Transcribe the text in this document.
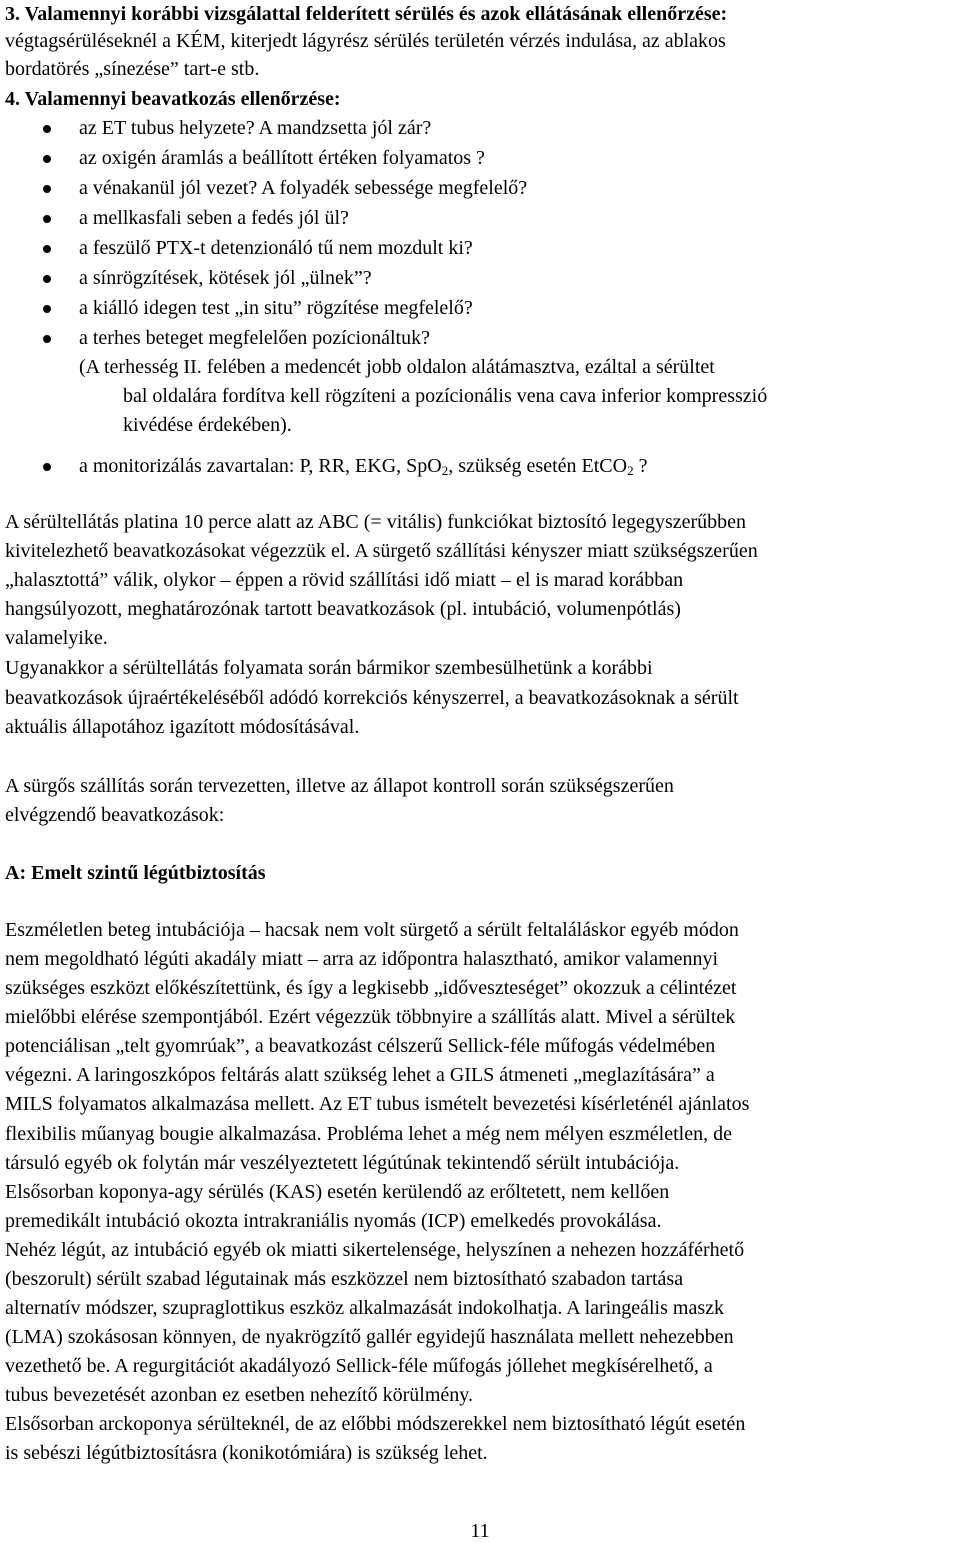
3. Valamennyi korábbi vizsgálattal felderített sérülés és azok ellátásának ellenőrzése:
végtagsérüléseknél a KÉM, kiterjedt lágyrész sérülés területén vérzés indulása, az ablakos
bordatörés „sínezése” tart-e stb.
4. Valamennyi beavatkozás ellenőrzése:
az ET tubus helyzete? A mandzsetta jól zár?
az oxigén áramlás a beállított értéken folyamatos ?
a vénakanül jól vezet? A folyadék sebessége megfelelő?
a mellkasfali seben a fedés jól ül?
a feszülő PTX-t detenzionáló tű nem mozdult ki?
a sínrögzítések, kötések jól „ülnek”?
a kiálló idegen test „in situ” rögzítése megfelelő?
a terhes beteget megfelelően pozícionáltuk?
(A terhesség II. felében a medencét jobb oldalon alátámasztva, ezáltal a sérültet
bal oldalára fordítva kell rögzíteni a pozícionális vena cava inferior kompresszió
kivédése érdekében).
a monitorizálás zavartalan: P, RR, EKG, SpO$_2$, szükség esetén EtCO$_2$ ?
A sérültellátás platina 10 perce alatt az ABC (= vitális) funkciókat biztosító legegyszerűbben
kivitelezhető beavatkozásokat végezzük el. A sürgető szállítási kényszer miatt szükségszerűen
„halasztottá” válik, olykor – éppen a rövid szállítási idő miatt – el is marad korábban
hangsúlyozott, meghatározónak tartott beavatkozások (pl. intubáció, volumenpótlás)
valamelyike.
Ugyanakkor a sérültellátás folyamata során bármikor szembesülhetünk a korábbi
beavatkozások újraértékeléséből adódó korrekciós kényszerrel, a beavatkozásoknak a sérült
aktuális állapotához igazított módosításával.
A sürgős szállítás során tervezetten, illetve az állapot kontroll során szükségszerűen
elvégzendő beavatkozások:
A: Emelt szintű légútbiztosítás
Eszméletlen beteg intubációja – hacsak nem volt sürgető a sérült feltaláláskor egyéb módon
nem megoldható légúti akadály miatt – arra az időpontra halasztható, amikor valamennyi
szükséges eszközt előkészítettünk, és így a legkisebb „időveszteséget” okozzuk a célintézet
mielőbbi elérése szempontjából. Ezért végezzük többnyire a szállítás alatt. Mivel a sérültek
potenciálisan „telt gyomrúak”, a beavatkozást célszerű Sellick-féle műfogás védelmében
végezni. A laringoszkópos feltárás alatt szükség lehet a GILS átmeneti „meglazítására” a
MILS folyamatos alkalmazása mellett. Az ET tubus ismételt bevezetési kísérleténél ajánlatos
flexibilis műanyag bougie alkalmazása. Probléma lehet a még nem mélyen eszméletlen, de
társuló egyéb ok folytán már veszélyeztetett légútúnak tekintendő sérült intubációja.
Elsősorban koponya-agy sérülés (KAS) esetén kerülendő az erőltetett, nem kellően
premedikált intubáció okozta intrakraniális nyomás (ICP) emelkedés provokálása.
Nehéz légút, az intubáció egyéb ok miatti sikertelensége, helyszínen a nehezen hozzáférhető
(beszorult) sérült szabad légutainak más eszközzel nem biztosítható szabadon tartása
alternatív módszer, szupraglottikus eszköz alkalmazását indokolhatja. A laringeális maszk
(LMA) szokásosan könnyen, de nyakrögzítő gallér egyidejű használata mellett nehezebben
vezethető be. A regurgitációt akadályozó Sellick-féle műfogás jóllehet megkísérelhető, a
tubus bevezetését azonban ez esetben nehezítő körülmény.
Elsősorban arckoponya sérülteknél, de az előbbi módszerekkel nem biztosítható légút esetén
is sebészi légútbiztosításra (konikotómiára) is szükség lehet.
11
